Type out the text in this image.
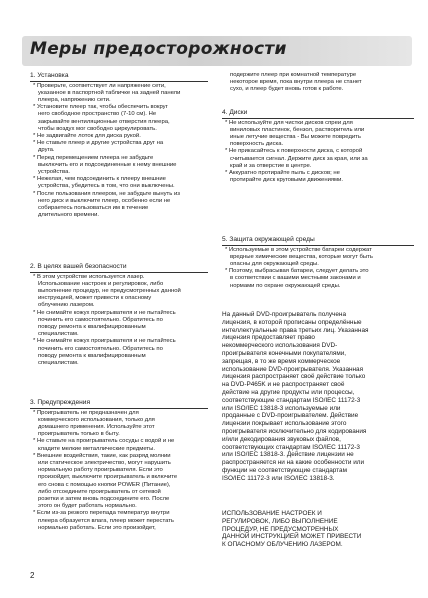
Меры предосторожности
1. Установка
* Проверьте, соответствует ли напряжение сети,
указанное в паспортной табличке на задней панели
плеера, напряжению сети.
* Установите плеер так, чтобы обеспечить вокруг
него свободное пространство (7-10 см). Не
закрывайте вентиляционные отверстия плеера,
чтобы воздух мог свободно циркулировать.
* Не задвигайте лоток для диска рукой.
* Не ставьте плеер и другие устройства друг на
друга.
* Перед перемещением плеера не забудьте
выключить его и подсоединенные к нему внешние
устройства.
* Нежелая, чем подсоединить к плееру внешние
устройства, убедитесь в том, что они выключены.
* После пользования плеером, не забудьте вынуть из
него диск и выключите плеер, особенно если не
собираетесь пользоваться им в течение
длительного времени.
2. В целях вашей безопасности
* В этом устройстве используется лазер.
Использование настроек и регулировок, либо
выполнение процедур, не предусмотренных данной
инструкцией, может привести к опасному
облучению лазером.
* Не снимайте кожух проигрывателя и не пытайтесь
починить его самостоятельно. Обратитесь по
поводу ремонта к квалифицированным
специалистам.
* Не снимайте кожух проигрывателя и не пытайтесь
починить его самостоятельно. Обратитесь по
поводу ремонта к квалифицированным
специалистам.
3. Предупреждения
* Проигрыватель не предназначен для
коммерческого использования, только для
домашнего применения. Используйте этот
проигрыватель только в быту.
* Не ставьте на проигрыватель сосуды с водой и не
кладите мелкие металлические предметы.
* Внешние воздействия, такие, как разряд молнии
или статическое электричество, могут нарушить
нормальную работу проигрывателя. Если это
произойдет, выключите проигрыватель и включите
его снова с помощью кнопки POWER (Питание),
либо отсоедините проигрыватель от сетевой
розетки и затем вновь подсоедините его. После
этого он будет работать нормально.
* Если из-за резкого перепада температур внутри
плеера образуется влага, плеер может перестать
нормально работать. Если это произойдет,
подержите плеер при комнатной температуре
некоторое время, пока внутри плеера не станет
сухо, и плеер будет вновь готов к работе.
4. Диски
* Не используйте для чистки дисков спреи для
виниловых пластинок, бензол, растворитель или
иные летучие вещества - Вы можете повредить
поверхность диска.
* Не прикасайтесь к поверхности диска, с которой
считывается сигнал. Держите диск за края, или за
край и за отверстие в центре.
* Аккуратно протирайте пыль с дисков; не
протирайте диск круговыми движениями.
5. Защита окружающей среды
* Используемые в этом устройстве батареи содержат
вредные химические вещества, которые могут быть
опасны для окружающей среды.
* Поэтому, выбрасывая батареи, следует делать это
в соответствии с вашими местными законами и
нормами по охране окружающей среды.
На данный DVD-проигрыватель получена
лицензия, в которой прописаны определённые
интеллектуальные права третьих лиц. Указанная
лицензия предоставляет право
некоммерческого использования DVD-
проигрывателя конечными покупателями,
запрещая, в то же время коммерческое
использование DVD-проигрывателя. Указанная
лицензия распространяет своё действие только
на DVD-P465K и не распространяет своё
действие на другие продукты или процессы,
соответствующие стандартам ISO/IEC 11172-3
или ISO/IEC 13818-3 используемые или
проданные с DVD-проигрывателем. Действие
лицензии покрывает использование этого
проигрывателя исключительно для кодирования
и/или декодирования звуковых файлов,
соответствующих стандартам ISO/IEC 11172-3
или ISO/IEC 13818-3. Действие лицензии не
распространяется ни на какие особенности или
функции не соответствующие стандартам
ISO/IEC 11172-3 или ISO/IEC 13818-3.
ИСПОЛЬЗОВАНИЕ НАСТРОЕК И
РЕГУЛИРОВОК, ЛИБО ВЫПОЛНЕНИЕ
ПРОЦЕДУР, НЕ ПРЕДУСМОТРЕННЫХ
ДАННОЙ ИНСТРУКЦИЕЙ МОЖЕТ ПРИВЕСТИ
К ОПАСНОМУ ОБЛУЧЕНИЮ ЛАЗЕРОМ.
2
